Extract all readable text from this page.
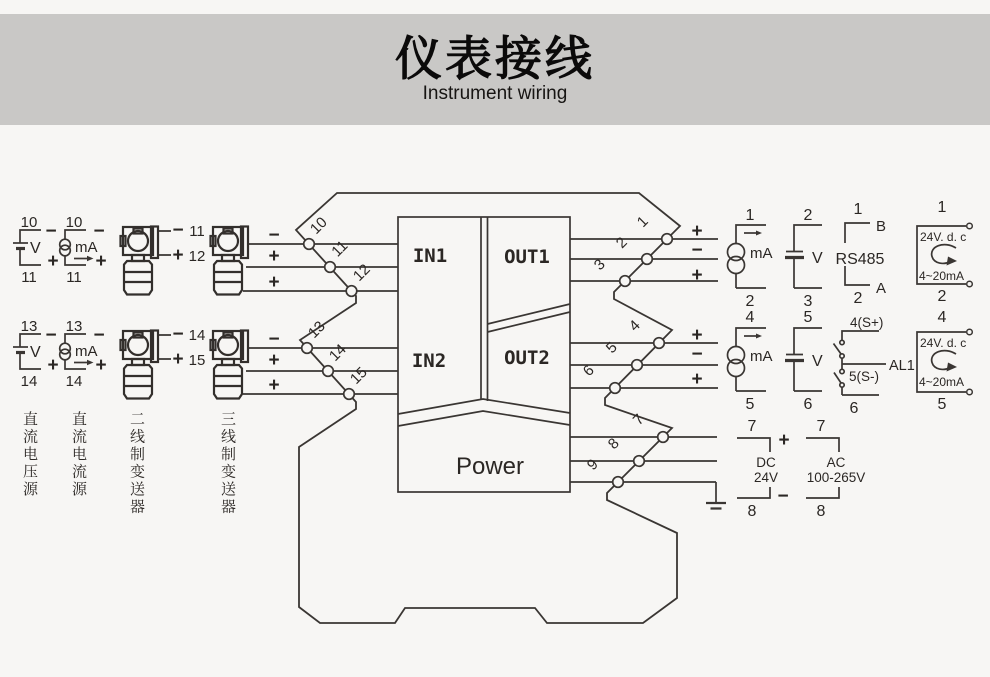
仪表接线
Instrument wiring
IN1	OUT1
IN2	OUT2
Power
10
V
−
+
11
10
mA
−
+
11
13
V
−
+
14
13
mA
−
+
14
− 11
+ 12
− 14
+ 15
−
+
+
−
+
+
+
−
+
+
−
+
1
mA
2
2
V
3
1
B
RS485
A
2
1
24V. d. c
4~20mA
2
4
mA
5
5
V
6
4(S+)
AL1
5(S-)
6
4
24V. d. c
4~20mA
5
7
+
DC
24V
−
8
7
AC
100-265V
8
10
11
12
13
14
15
1
2
3
4
5
6
7
8
9
直流电压源 直流电流源	二线制变送器	三线制变送器
